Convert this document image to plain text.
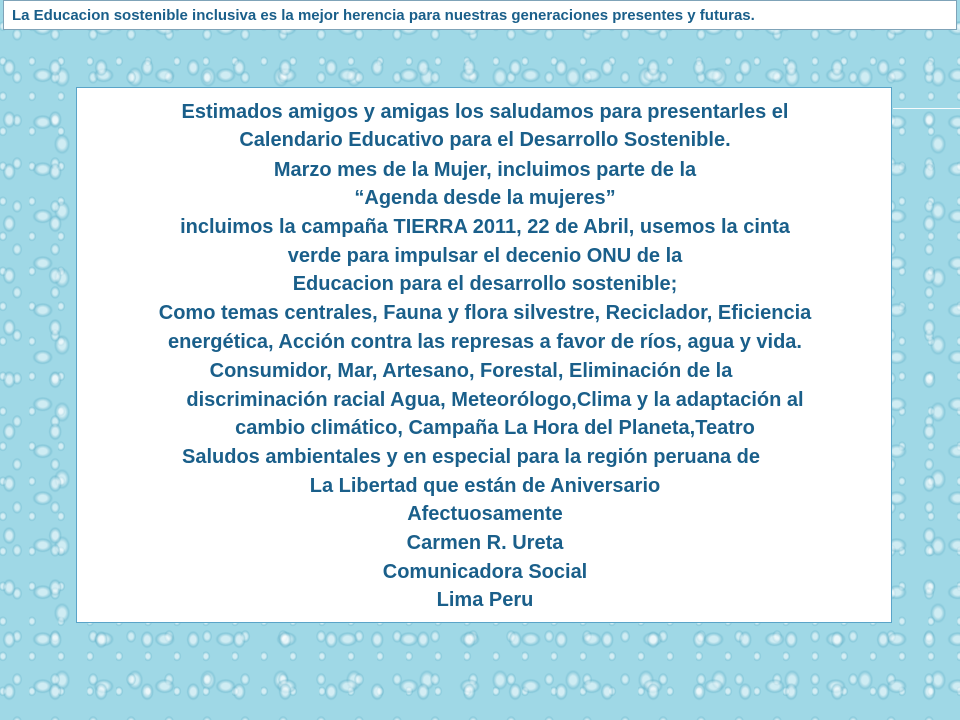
La Educacion sostenible inclusiva es la mejor herencia para nuestras generaciones presentes y futuras.
Estimados amigos y amigas los saludamos para presentarles el
Calendario Educativo para el Desarrollo Sostenible.
Marzo mes de la Mujer, incluimos parte de la
“Agenda desde la mujeres”
incluimos la campaña TIERRA 2011, 22 de Abril, usemos la cinta
verde para impulsar el decenio ONU de la
Educacion para el desarrollo sostenible;
Como temas centrales, Fauna y flora silvestre, Reciclador, Eficiencia
energética, Acción contra las represas a favor de ríos, agua y vida.
Consumidor, Mar, Artesano, Forestal, Eliminación de la
discriminación racial Agua, Meteorólogo,Clima y la adaptación al
cambio climático, Campaña La Hora del Planeta,Teatro
Saludos ambientales y en especial para la región peruana de
La Libertad que están de Aniversario
Afectuosamente
Carmen R. Ureta
Comunicadora Social
Lima Peru
